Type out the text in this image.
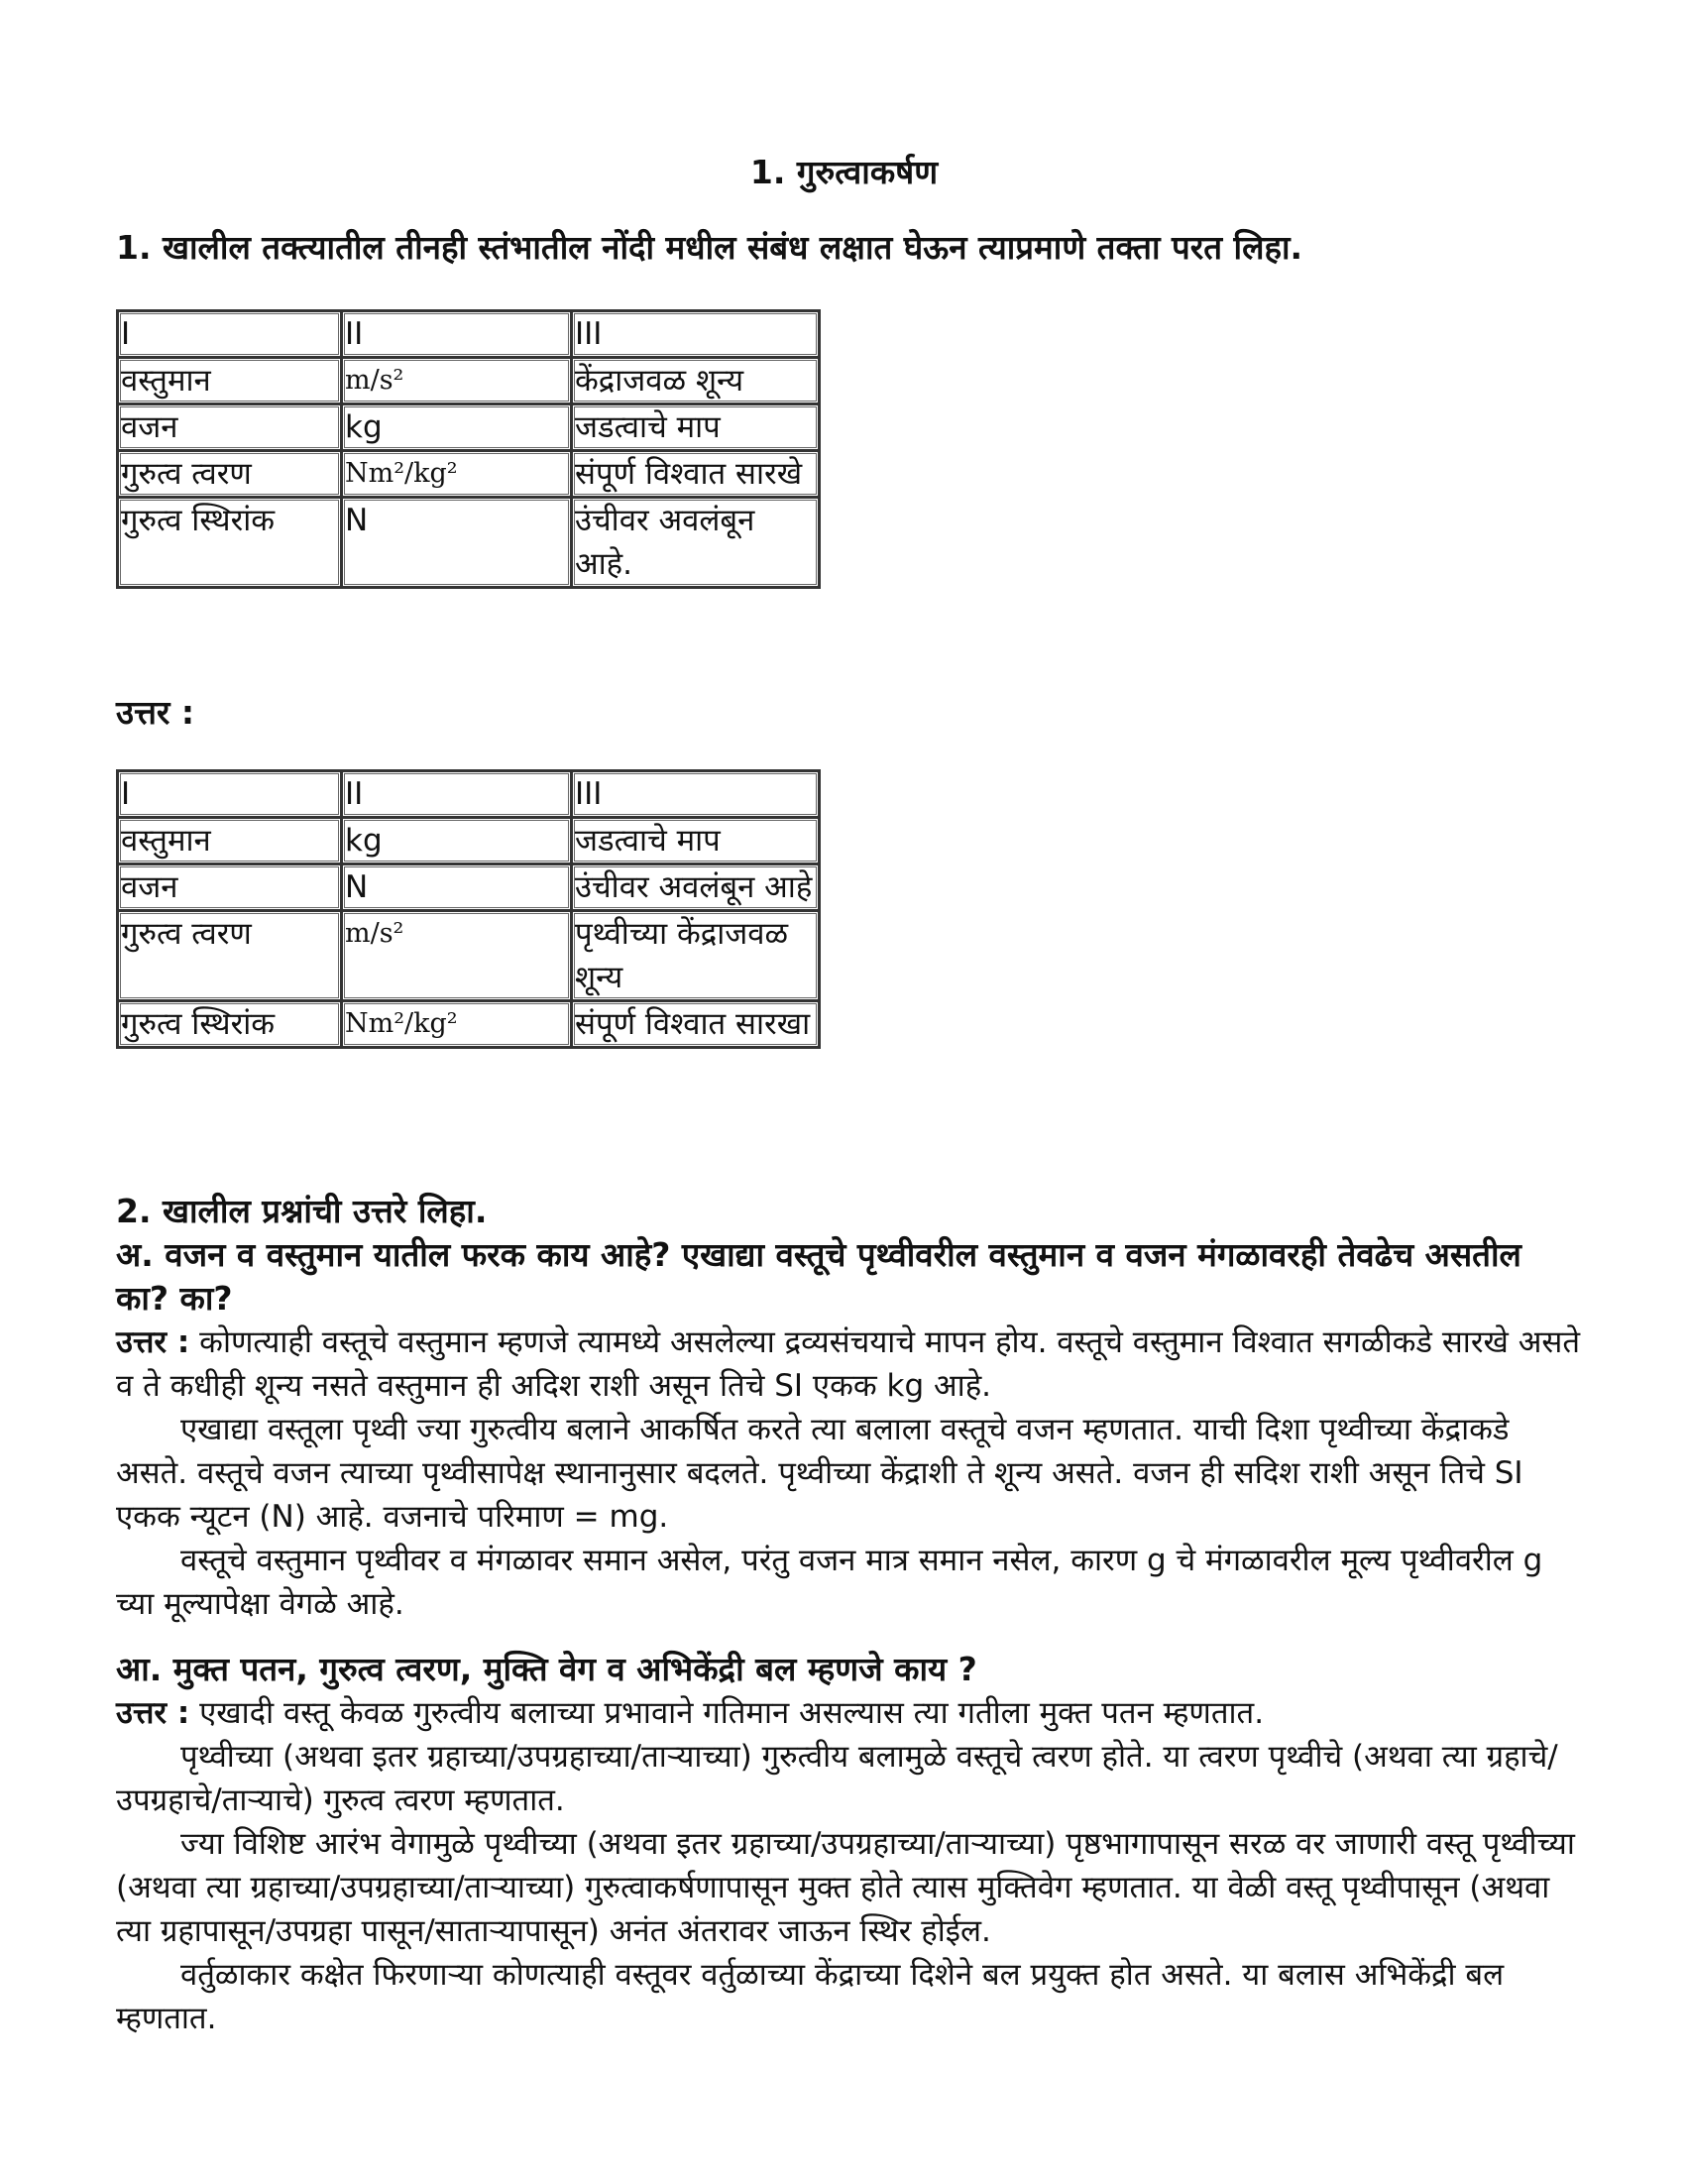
1. गुरुत्वाकर्षण
1. खालील तक्त्यातील तीनही स्तंभातील नोंदी मधील संबंध लक्षात घेऊन त्याप्रमाणे तक्ता परत लिहा.
I	II	III
वस्तुमान	m/s²	केंद्राजवळ शून्य
वजन	kg	जडत्वाचे माप
गुरुत्व त्वरण	Nm²/kg²	संपूर्ण विश्वात सारखे
गुरुत्व स्थिरांक	N	उंचीवर अवलंबून आहे.
उत्तर :
I	II	III
वस्तुमान	kg	जडत्वाचे माप
वजन	N	उंचीवर अवलंबून आहे
गुरुत्व त्वरण	m/s²	पृथ्वीच्या केंद्राजवळ शून्य
गुरुत्व स्थिरांक	Nm²/kg²	संपूर्ण विश्वात सारखा

2. खालील प्रश्नांची उत्तरे लिहा.

अ. वजन व वस्तुमान यातील फरक काय आहे? एखाद्या वस्तूचे पृथ्वीवरील वस्तुमान व वजन मंगळावरही तेवढेच असतील का? का?

उत्तर : कोणत्याही वस्तूचे वस्तुमान म्हणजे त्यामध्ये असलेल्या द्रव्यसंचयाचे मापन होय. वस्तूचे वस्तुमान विश्वात सगळीकडे सारखे असते व ते कधीही शून्य नसते वस्तुमान ही अदिश राशी असून तिचे SI एकक kg आहे.

एखाद्या वस्तूला पृथ्वी ज्या गुरुत्वीय बलाने आकर्षित करते त्या बलाला वस्तूचे वजन म्हणतात. याची दिशा पृथ्वीच्या केंद्राकडे असते. वस्तूचे वजन त्याच्या पृथ्वीसापेक्ष स्थानानुसार बदलते. पृथ्वीच्या केंद्राशी ते शून्य असते. वजन ही सदिश राशी असून तिचे SI एकक न्यूटन (N) आहे. वजनाचे परिमाण = mg.

वस्तूचे वस्तुमान पृथ्वीवर व मंगळावर समान असेल, परंतु वजन मात्र समान नसेल, कारण g चे मंगळावरील मूल्य पृथ्वीवरील g च्या मूल्यापेक्षा वेगळे आहे.

आ. मुक्त पतन, गुरुत्व त्वरण, मुक्ति वेग व अभिकेंद्री बल म्हणजे काय ?

उत्तर : एखादी वस्तू केवळ गुरुत्वीय बलाच्या प्रभावाने गतिमान असल्यास त्या गतीला मुक्त पतन म्हणतात.

पृथ्वीच्या (अथवा इतर ग्रहाच्या/उपग्रहाच्या/ताऱ्याच्या) गुरुत्वीय बलामुळे वस्तूचे त्वरण होते. या त्वरण पृथ्वीचे (अथवा त्या ग्रहाचे/उपग्रहाचे/ताऱ्याचे) गुरुत्व त्वरण म्हणतात.

ज्या विशिष्ट आरंभ वेगामुळे पृथ्वीच्या (अथवा इतर ग्रहाच्या/उपग्रहाच्या/ताऱ्याच्या) पृष्ठभागापासून सरळ वर जाणारी वस्तू पृथ्वीच्या (अथवा त्या ग्रहाच्या/उपग्रहाच्या/ताऱ्याच्या) गुरुत्वाकर्षणापासून मुक्त होते त्यास मुक्तिवेग म्हणतात. या वेळी वस्तू पृथ्वीपासून (अथवा त्या ग्रहापासून/उपग्रहा पासून/साताऱ्यापासून) अनंत अंतरावर जाऊन स्थिर होईल.

वर्तुळाकार कक्षेत फिरणाऱ्या कोणत्याही वस्तूवर वर्तुळाच्या केंद्राच्या दिशेने बल प्रयुक्त होत असते. या बलास अभिकेंद्री बल म्हणतात.
